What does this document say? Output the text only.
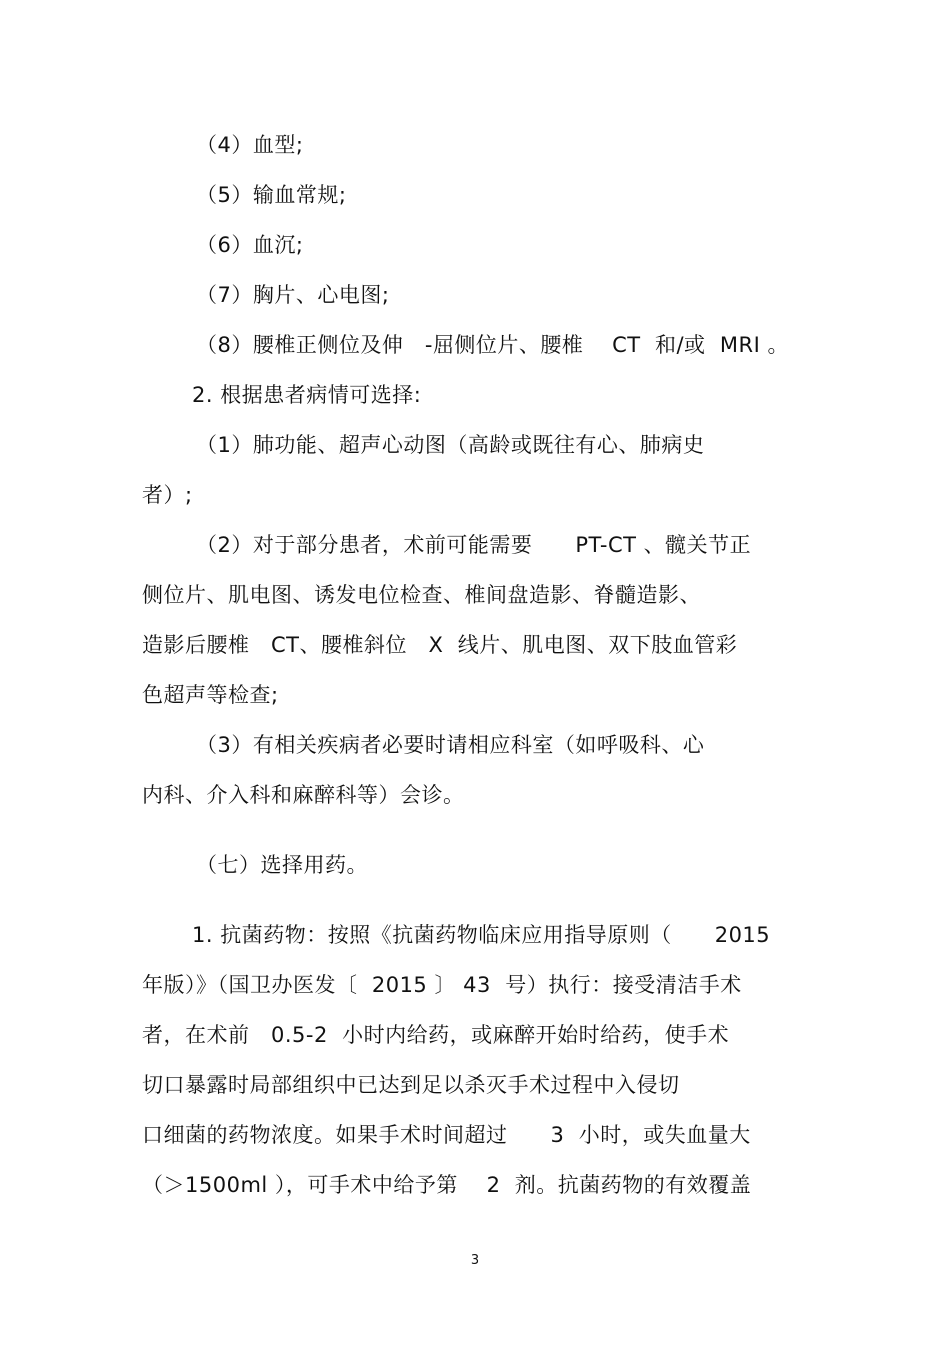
（4）血型;
（5）输血常规;
（6）血沉;
（7）胸片、心电图;
（8）腰椎正侧位及伸　-屈侧位片、腰椎　 CT  和/或  MRI 。
2. 根据患者病情可选择:
（1）肺功能、超声心动图（高龄或既往有心、肺病史
者）;
（2）对于部分患者，术前可能需要　　PT-CT 、髋关节正
侧位片、肌电图、诱发电位检查、椎间盘造影、脊髓造影、
造影后腰椎　CT、腰椎斜位　X  线片、肌电图、双下肢血管彩
色超声等检查;
（3）有相关疾病者必要时请相应科室（如呼吸科、心
内科、介入科和麻醉科等）会诊。
（七）选择用药。
1. 抗菌药物：按照《抗菌药物临床应用指导原则（　　2015
年版）》（国卫办医发〔  2015 〕 43  号）执行：接受清洁手术
者，在术前　0.5-2  小时内给药，或麻醉开始时给药，使手术
切口暴露时局部组织中已达到足以杀灭手术过程中入侵切
口细菌的药物浓度。如果手术时间超过　　3  小时，或失血量大
（＞1500ml ），可手术中给予第　 2  剂。抗菌药物的有效覆盖
3
